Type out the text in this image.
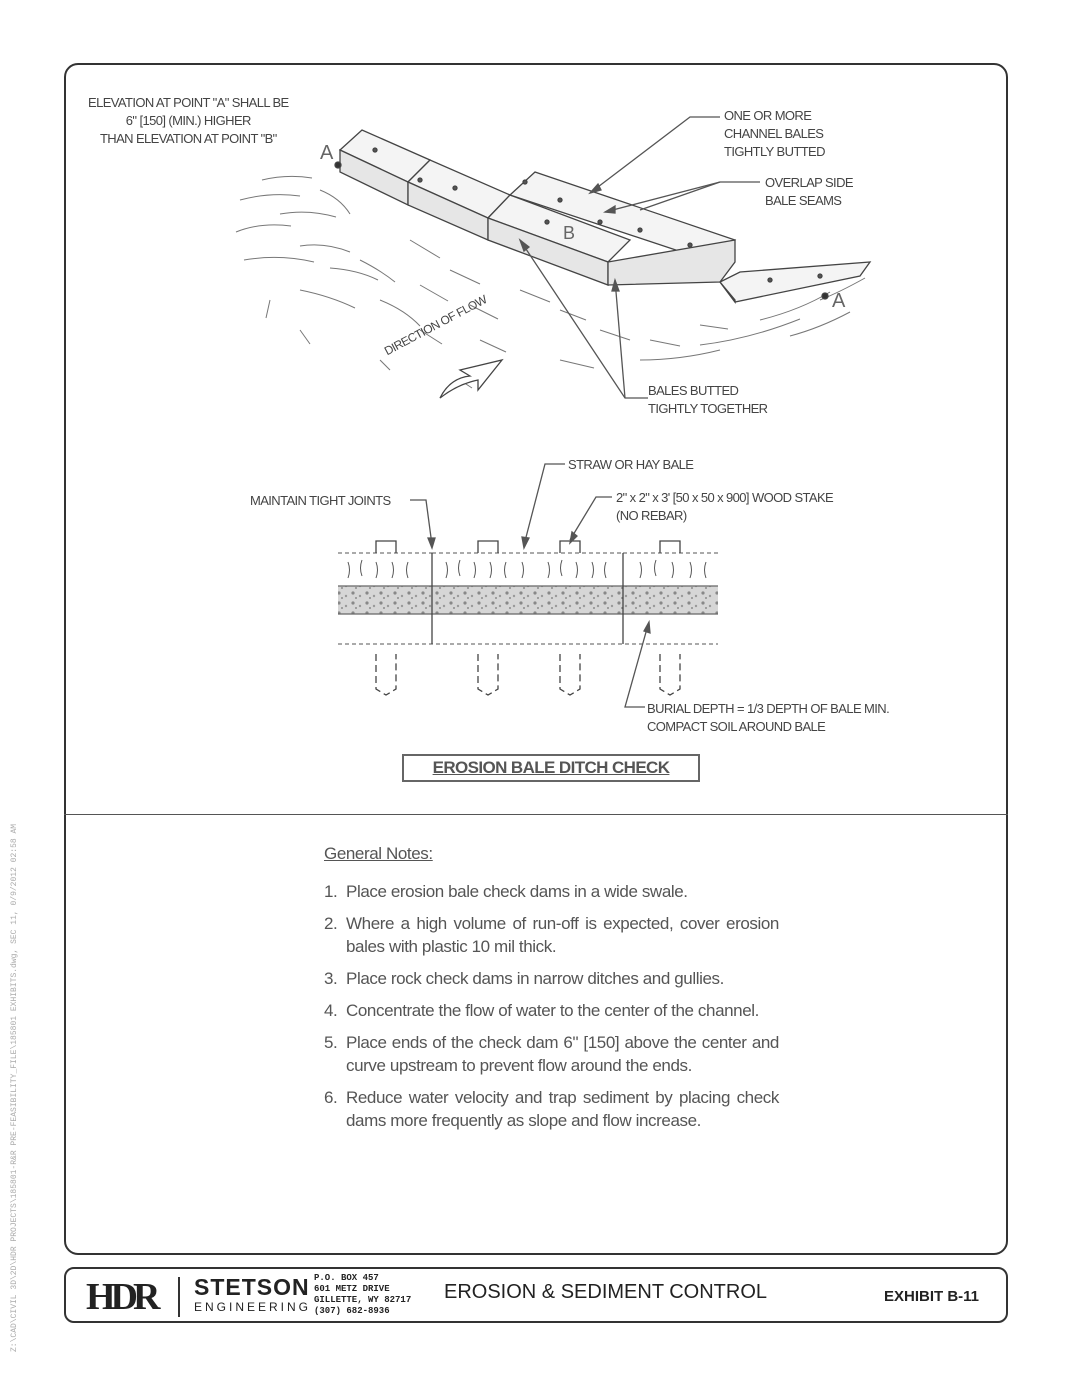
ELEVATION AT POINT "A" SHALL BE
6" [150] (MIN.) HIGHER
THAN ELEVATION AT POINT "B"
ONE OR MORE
CHANNEL BALES
TIGHTLY BUTTED
OVERLAP SIDE
BALE SEAMS
BALES BUTTED
TIGHTLY TOGETHER
A
B
A
DIRECTION OF FLOW
STRAW OR HAY BALE
MAINTAIN TIGHT JOINTS	2" x 2" x 3' [50 x 50 x 900] WOOD STAKE
(NO REBAR)
BURIAL DEPTH = 1/3 DEPTH OF BALE MIN.
COMPACT SOIL AROUND BALE
EROSION BALE DITCH CHECK
General Notes:
1. Place erosion bale check dams in a wide swale.
2. Where a high volume of run-off is expected, cover erosion bales with plastic 10 mil thick.
3. Place rock check dams in narrow ditches and gullies.
4. Concentrate the flow of water to the center of the channel.
5. Place ends of the check dam 6" [150] above the center and curve upstream to prevent flow around the ends.
6. Reduce water velocity and trap sediment by placing check dams more frequently as slope and flow increase.
Z:\CAD\CIVIL 3D\2D\HDR PROJECTS\185801-R&R PRE-FEASIBILITY_FILE\185801 EXHIBITS.dwg, SEC 11, 0/9/2012 02:58 AM HDR STETSON
ENGINEERING
P.O. BOX 457
601 METZ DRIVE
GILLETTE, WY 82717
(307) 682-8936
EROSION & SEDIMENT CONTROL	EXHIBIT B-11
